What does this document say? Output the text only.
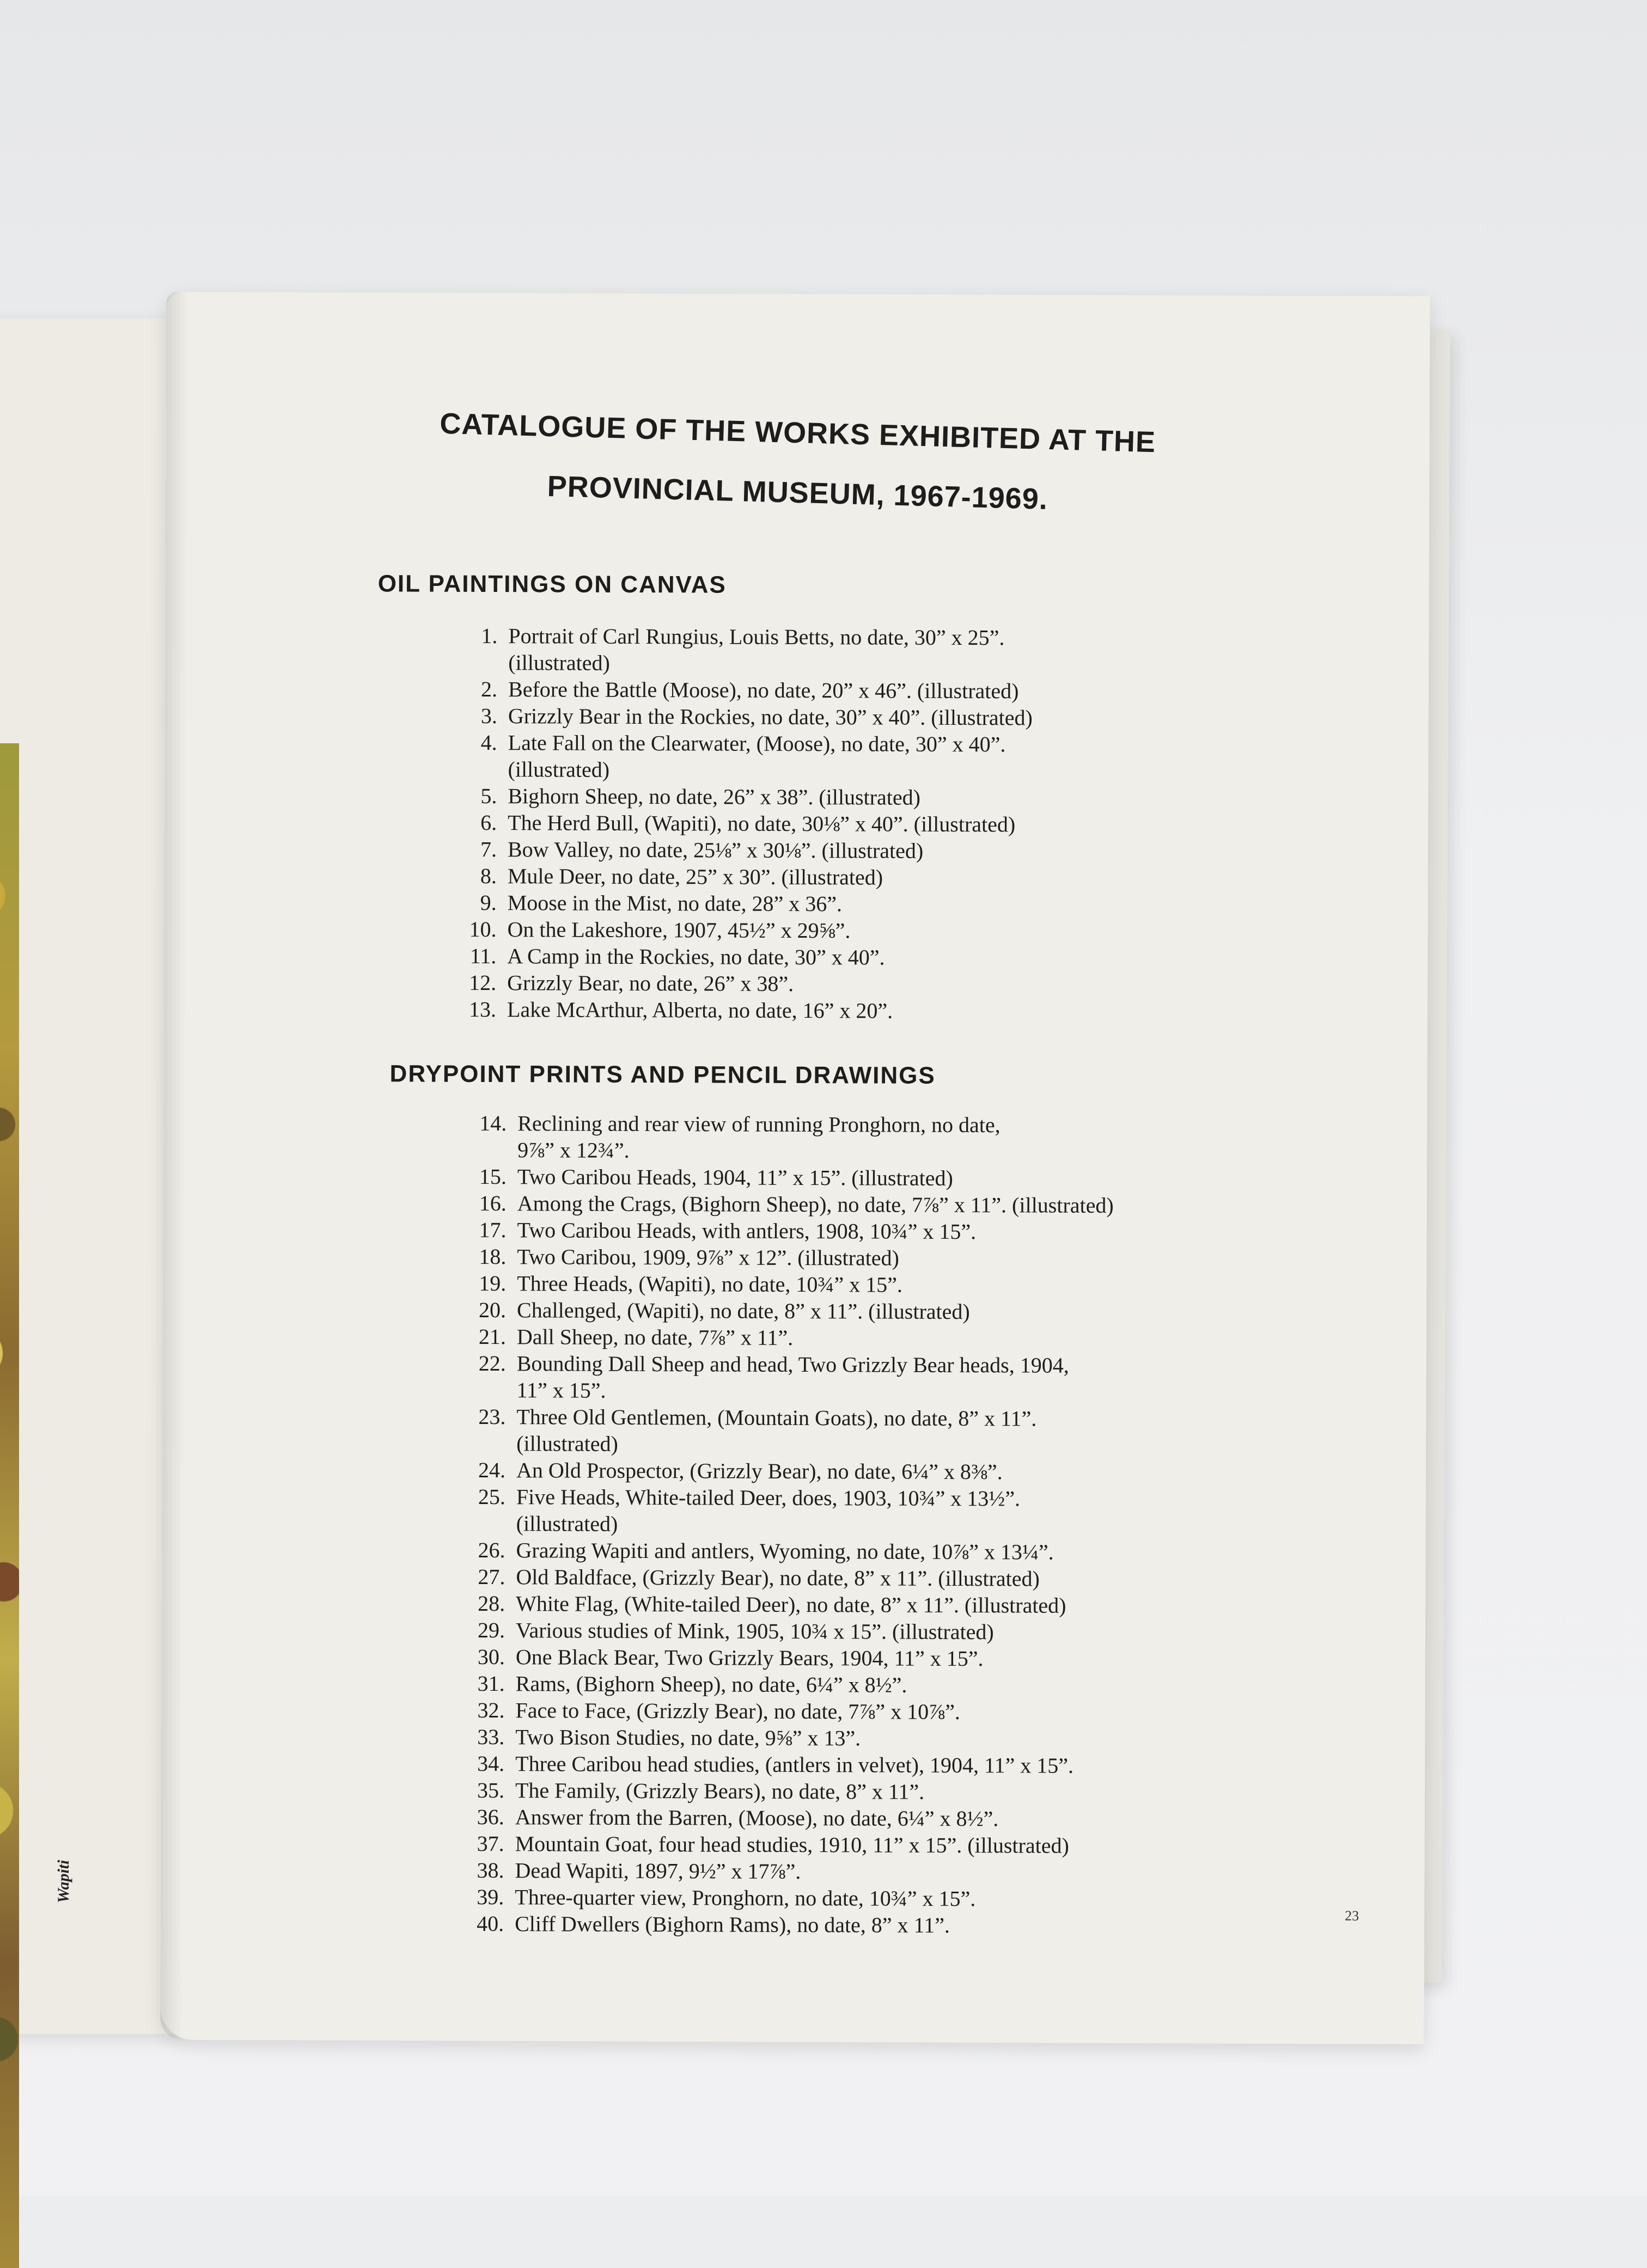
Wapiti
CATALOGUE OF THE WORKS EXHIBITED AT THE
PROVINCIAL MUSEUM, 1967-1969.
OIL PAINTINGS ON CANVAS
1. Portrait of Carl Rungius, Louis Betts, no date, 30” x 25”.
(illustrated)
2. Before the Battle (Moose), no date, 20” x 46”. (illustrated)
3. Grizzly Bear in the Rockies, no date, 30” x 40”. (illustrated)
4. Late Fall on the Clearwater, (Moose), no date, 30” x 40”.
(illustrated)
5. Bighorn Sheep, no date, 26” x 38”. (illustrated)
6. The Herd Bull, (Wapiti), no date, 30⅛” x 40”. (illustrated)
7. Bow Valley, no date, 25⅛” x 30⅛”. (illustrated)
8. Mule Deer, no date, 25” x 30”. (illustrated)
9. Moose in the Mist, no date, 28” x 36”.
10. On the Lakeshore, 1907, 45½” x 29⅝”.
11. A Camp in the Rockies, no date, 30” x 40”.
12. Grizzly Bear, no date, 26” x 38”.
13. Lake McArthur, Alberta, no date, 16” x 20”.
DRYPOINT PRINTS AND PENCIL DRAWINGS
14. Reclining and rear view of running Pronghorn, no date,
9⅞” x 12¾”.
15. Two Caribou Heads, 1904, 11” x 15”. (illustrated)
16. Among the Crags, (Bighorn Sheep), no date, 7⅞” x 11”. (illustrated)
17. Two Caribou Heads, with antlers, 1908, 10¾” x 15”.
18. Two Caribou, 1909, 9⅞” x 12”. (illustrated)
19. Three Heads, (Wapiti), no date, 10¾” x 15”.
20. Challenged, (Wapiti), no date, 8” x 11”. (illustrated)
21. Dall Sheep, no date, 7⅞” x 11”.
22. Bounding Dall Sheep and head, Two Grizzly Bear heads, 1904,
11” x 15”.
23. Three Old Gentlemen, (Mountain Goats), no date, 8” x 11”.
(illustrated)
24. An Old Prospector, (Grizzly Bear), no date, 6¼” x 8⅜”.
25. Five Heads, White-tailed Deer, does, 1903, 10¾” x 13½”.
(illustrated)
26. Grazing Wapiti and antlers, Wyoming, no date, 10⅞” x 13¼”.
27. Old Baldface, (Grizzly Bear), no date, 8” x 11”. (illustrated)
28. White Flag, (White-tailed Deer), no date, 8” x 11”. (illustrated)
29. Various studies of Mink, 1905, 10¾ x 15”. (illustrated)
30. One Black Bear, Two Grizzly Bears, 1904, 11” x 15”.
31. Rams, (Bighorn Sheep), no date, 6¼” x 8½”.
32. Face to Face, (Grizzly Bear), no date, 7⅞” x 10⅞”.
33. Two Bison Studies, no date, 9⅝” x 13”.
34. Three Caribou head studies, (antlers in velvet), 1904, 11” x 15”.
35. The Family, (Grizzly Bears), no date, 8” x 11”.
36. Answer from the Barren, (Moose), no date, 6¼” x 8½”.
37. Mountain Goat, four head studies, 1910, 11” x 15”. (illustrated)
38. Dead Wapiti, 1897, 9½” x 17⅞”.
39. Three-quarter view, Pronghorn, no date, 10¾” x 15”.
40. Cliff Dwellers (Bighorn Rams), no date, 8” x 11”.	23
